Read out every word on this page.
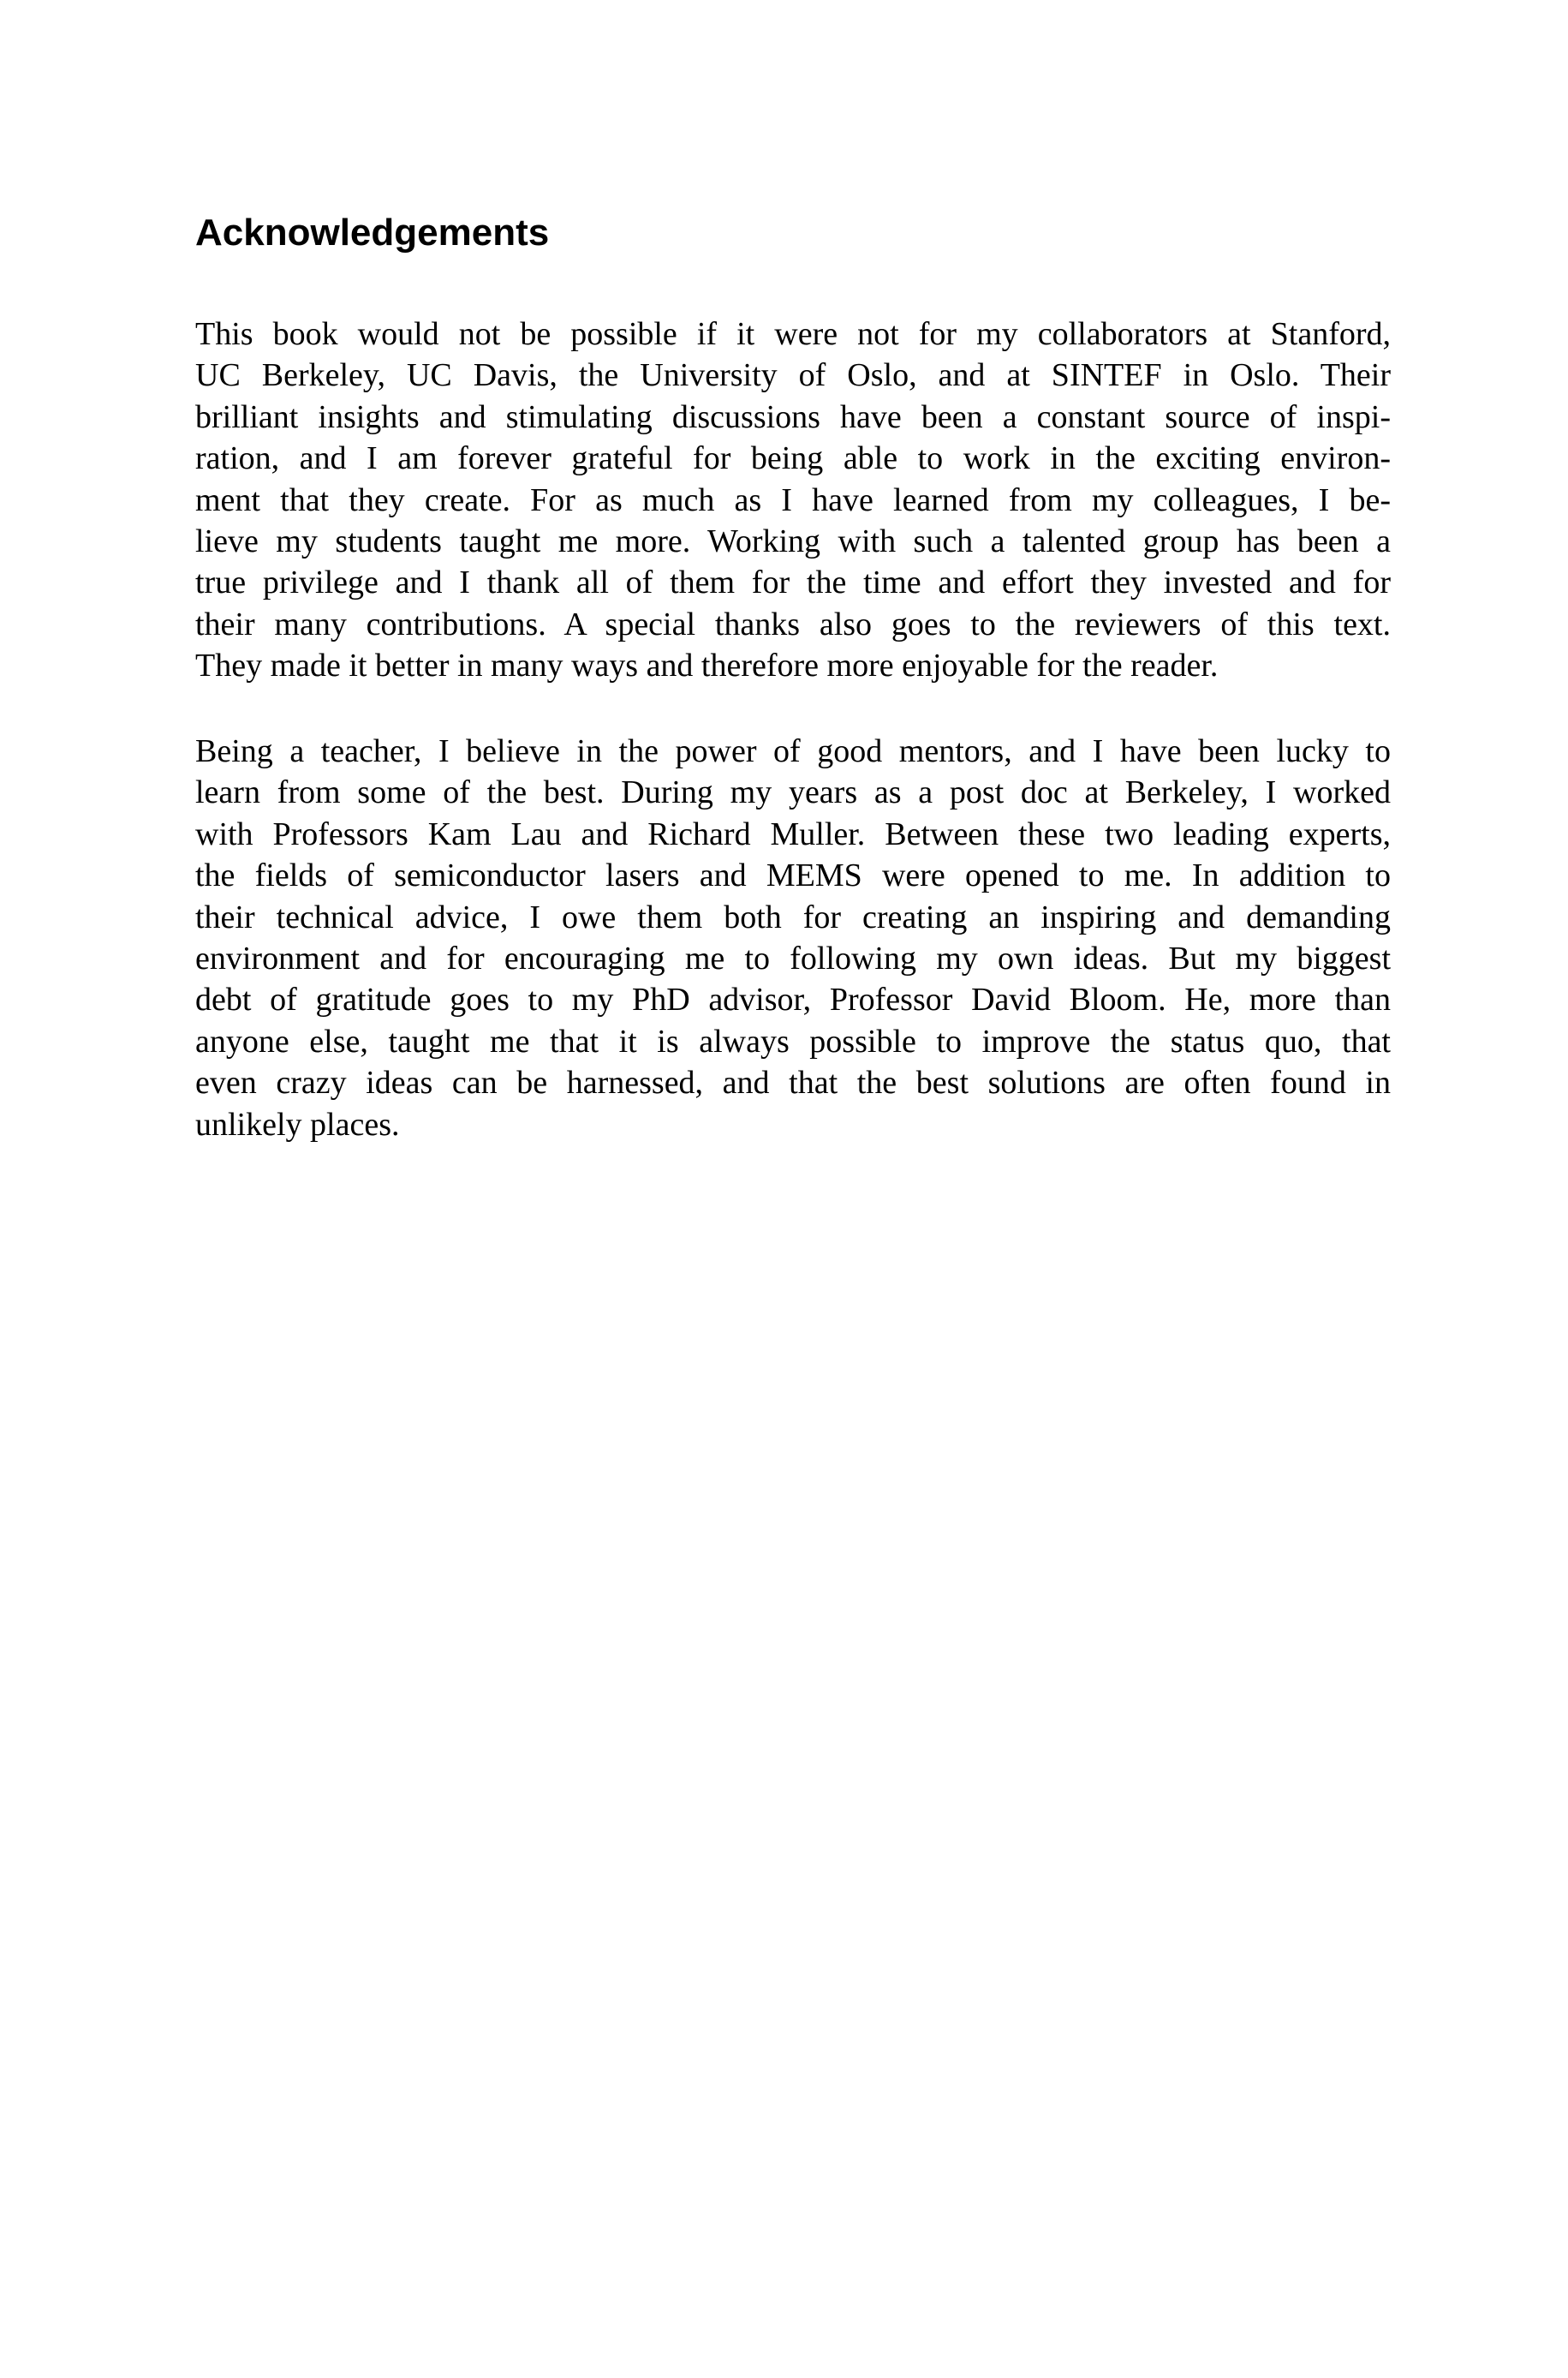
Acknowledgements

This book would not be possible if it were not for my collaborators at Stanford,
UC Berkeley, UC Davis, the University of Oslo, and at SINTEF in Oslo. Their
brilliant insights and stimulating discussions have been a constant source of inspi-
ration, and I am forever grateful for being able to work in the exciting environ-
ment that they create. For as much as I have learned from my colleagues, I be-
lieve my students taught me more. Working with such a talented group has been a
true privilege and I thank all of them for the time and effort they invested and for
their many contributions. A special thanks also goes to the reviewers of this text.
They made it better in many ways and therefore more enjoyable for the reader.

Being a teacher, I believe in the power of good mentors, and I have been lucky to
learn from some of the best. During my years as a post doc at Berkeley, I worked
with Professors Kam Lau and Richard Muller. Between these two leading experts,
the fields of semiconductor lasers and MEMS were opened to me. In addition to
their technical advice, I owe them both for creating an inspiring and demanding
environment and for encouraging me to following my own ideas. But my biggest
debt of gratitude goes to my PhD advisor, Professor David Bloom. He, more than
anyone else, taught me that it is always possible to improve the status quo, that
even crazy ideas can be harnessed, and that the best solutions are often found in
unlikely places.
